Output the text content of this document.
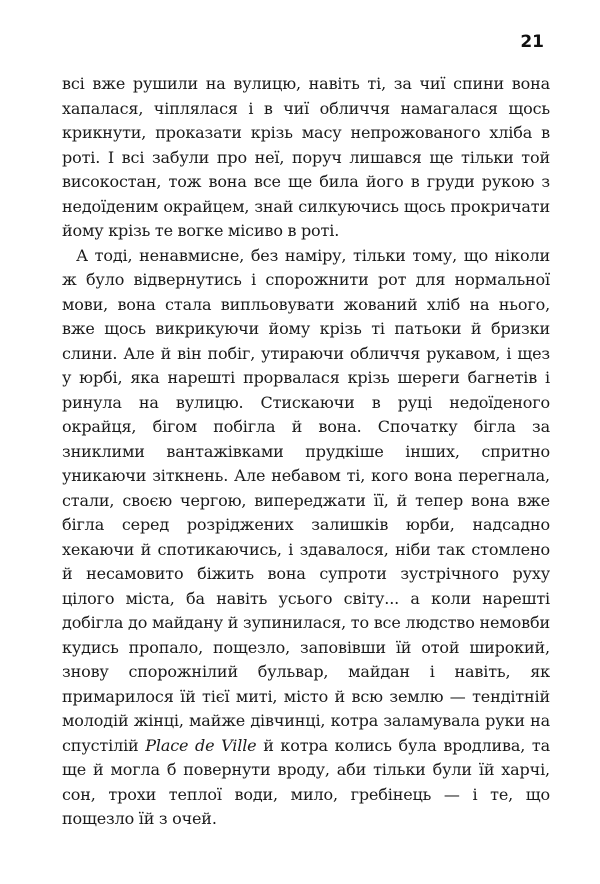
21

всі вже рушили на вулицю, навіть ті, за чиї спини вона хапалася, чіплялася і в чиї обличчя намагалася щось крикнути, проказати крізь масу непрожованого хліба в роті. І всі забули про неї, поруч лишався ще тільки той високостан, тож вона все ще била його в груди рукою з недоїденим окрайцем, знай силкуючись щось прокричати йому крізь те вогке місиво в роті.

А тоді, ненавмисне, без наміру, тільки тому, що ніколи ж було відвернутись і спорожнити рот для нормальної мови, вона стала випльовувати жований хліб на нього, вже щось викрикуючи йому крізь ті патьоки й бризки слини. Але й він побіг, утираючи обличчя рукавом, і щез у юрбі, яка нарешті прорвалася крізь шереги багнетів і ринула на вулицю. Стискаючи в руці недоїденого окрайця, бігом побігла й вона. Спочатку бігла за зниклими вантажівками прудкіше інших, спритно уникаючи зіткнень. Але небавом ті, кого вона перегнала, стали, своєю чергою, випереджати її, й тепер вона вже бігла серед розріджених залишків юрби, надсадно хекаючи й спотикаючись, і здавалося, ніби так стомлено й несамовито біжить вона супроти зустрічного руху цілого міста, ба навіть усього світу... а коли нарешті добігла до майдану й зупинилася, то все людство немовби кудись пропало, пощезло, заповівши їй отой широкий, знову спорожнілий бульвар, майдан і навіть, як примарилося їй тієї миті, місто й всю землю — тендітній молодій жінці, майже дівчинці, котра заламувала руки на спустілій Place de Ville й котра колись була вродлива, та ще й могла б повернути вроду, аби тільки були їй харчі, сон, трохи теплої води, мило, гребінець — і те, що пощезло їй з очей.
